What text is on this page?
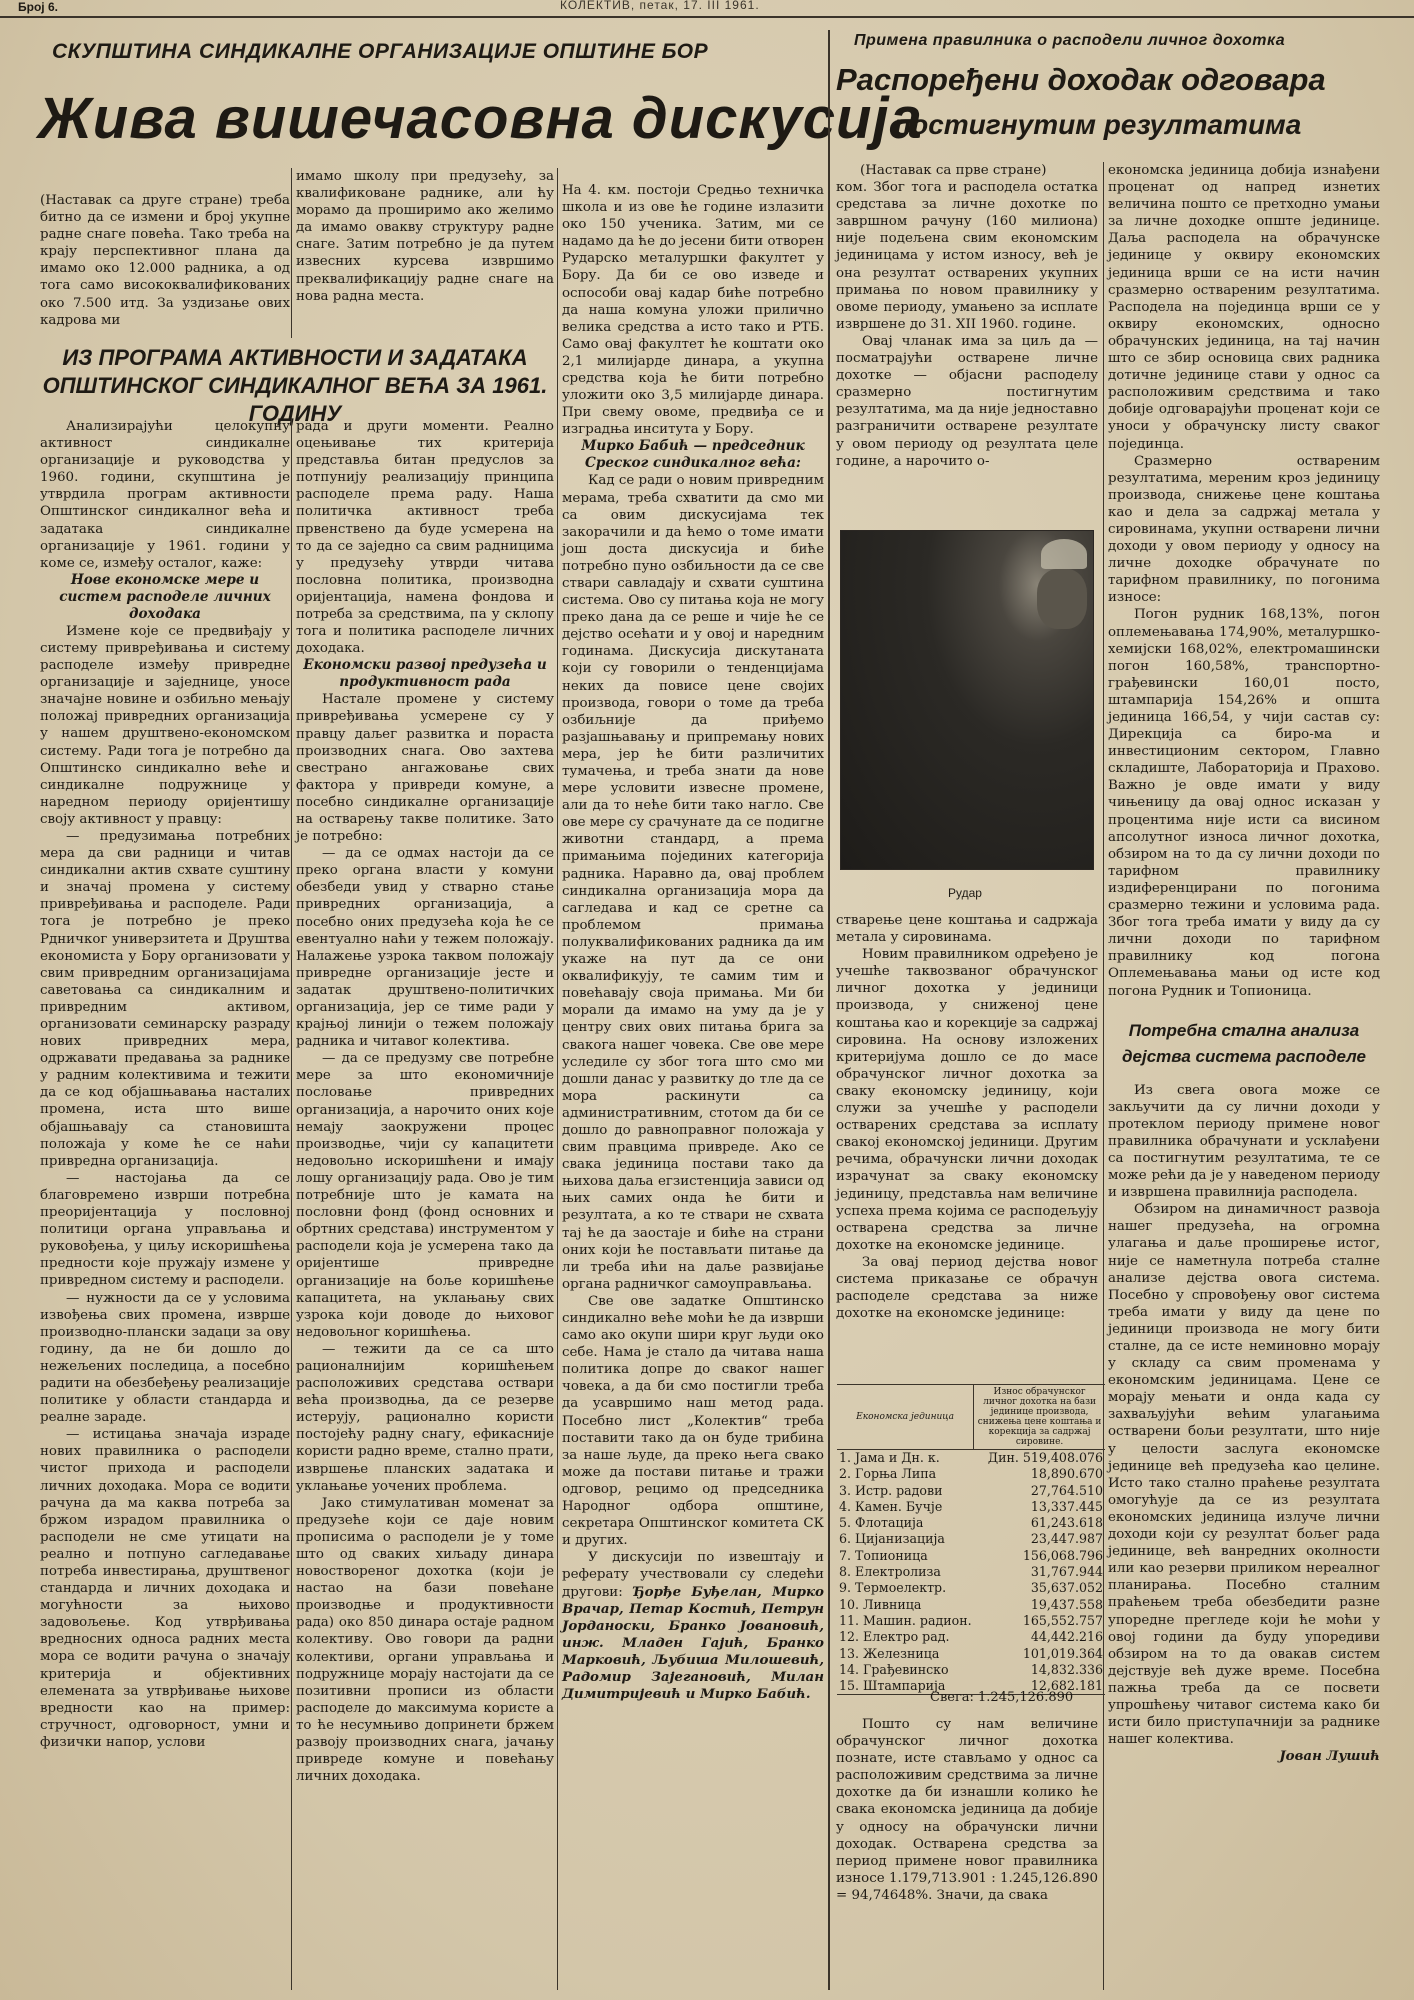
Број 6.	КОЛЕКТИВ, петак, 17. III 1961.
СКУПШТИНА СИНДИКАЛНЕ ОРГАНИЗАЦИЈЕ ОПШТИНЕ БОР
Жива вишечасовна дискусија

(Наставак са друге стране) треба битно да се измени и број укупне радне снаге повећа. Тако треба на крају перспективног плана да имамо око 12.000 радника, а од тога само висококвалификованих око 7.500 итд. За уздизање ових кадрова ми

имамо школу при предузећу, за квалификоване раднике, али ћу морамо да проширимо ако желимо да имамо овакву структуру радне снаге. Затим потребно је да путем извесних курсева извршимо преквалификацију радне снаге на нова радна места.

ИЗ ПРОГРАМА АКТИВНОСТИ И ЗАДАТАКА ОПШТИНСКОГ СИНДИКАЛНОГ ВЕЋА ЗА 1961. ГОДИНУ

Анализирајући целокупну активност синдикалне организације и руководства у 1960. години, скупштина је утврдила програм активности Општинског синдикалног већа и задатака синдикалне организације у 1961. години у коме се, између осталог, каже:

Нове економске мере и систем расподеле личних доходака

Измене које се предвиђају у систему привређивања и систему расподеле између привредне организације и заједнице, уносе значајне новине и озбиљно мењају положај привредних организација у нашем друштвено-економском систему. Ради тога је потребно да Општинско синдикално веће и синдикалне подружнице у наредном периоду оријентишу своју активност у правцу:

— предузимања потребних мера да сви радници и читав синдикални актив схвате суштину и значај промена у систему привређивања и расподеле. Ради тога је потребно је преко Рдничког универзитета и Друштва економиста у Бору организовати у свим привредним организацијама саветовања са синдикалним и привредним активом, организовати семинарску разраду нових привредних мера, одржавати предавања за раднике у радним колективима и тежити да се код објашњавања насталих промена, иста што више објашњавају са становишта положаја у коме ће се наћи привредна организација.

— настојања да се благовремено изврши потребна преоријентација у пословној политици органа управљања и руковођења, у циљу искоришћења предности које пружају измене у привредном систему и расподели.

— нужности да се у условима извођења свих промена, изврше производно-плански задаци за ову годину, да не би дошло до нежељених последица, а посебно радити на обезбеђењу реализације политике у области стандарда и реалне зараде.

— истицања значаја израде нових правилника о расподели чистог прихода и расподели личних доходака. Мора се водити рачуна да ма каква потреба за бржом израдом правилника о расподели не сме утицати на реално и потпуно сагледавање потреба инвестирања, друштвеног стандарда и личних доходака и могућности за њихово задовољење. Код утврђивања вредносних односа радних места мора се водити рачуна о значају критерија и објективних елемената за утврђивање њихове вредности као на пример: стручност, одговорност, умни и физички напор, услови

рада и други моменти. Реално оцењивање тих критерија представља битан предуслов за потпунију реализацију принципа расподеле према раду. Наша политичка активност треба првенствено да буде усмерена на то да се заједно са свим радницима у предузећу утврди читава пословна политика, производна оријентација, намена фондова и потреба за средствима, па у склопу тога и политика расподеле личних доходака.

Економски развој предузећа и продуктивност рада

Настале промене у систему привређивања усмерене су у правцу даљег развитка и пораста производних снага. Ово захтева свестрано ангажовање свих фактора у привреди комуне, а посебно синдикалне организације на остварењу такве политике. Зато је потребно:

— да се одмах настоји да се преко органа власти у комуни обезбеди увид у стварно стање привредних организација, а посебно оних предузећа која ће се евентуално наћи у тежем положају. Налажење узрока таквом положају привредне организације јесте и задатак друштвено-политичких организација, јер се тиме ради у крајњој линији о тежем положају радника и читавог колектива.

— да се предузму све потребне мере за што економичније пословање привредних организација, а нарочито оних које немају заокружени процес производње, чији су капацитети недовољно искоришћени и имају лошу организацију рада. Ово је тим потребније што је камата на пословни фонд (фонд основних и обртних средстава) инструментом у расподели која је усмерена тако да оријентише привредне организације на боље коришћење капацитета, на уклањању свих узрока који доводе до њиховог недовољног коришћења.

— тежити да се са што рационалнијим коришћењем расположивих средстава оствари већа производња, да се резерве истерују, рационално користи постојећу радну снагу, ефикасније користи радно време, стално прати, извршење планских задатака и уклањање уочених проблема.

Јако стимулативан моменат за предузеће који се даје новим прописима о расподели је у томе што од сваких хиљаду динара новоствореног дохотка (који је настао на бази повећане производње и продуктивности рада) око 850 динара остаје радном колективу. Ово говори да радни колективи, органи управљања и подружнице морају настојати да се позитивни прописи из области расподеле до максимума користе а то ће несумњиво допринети бржем развоју производних снага, јачању привреде комуне и повећању личних доходака.

На 4. км. постоји Средњо техничка школа и из ове ће године излазити око 150 ученика. Затим, ми се надамо да ће до јесени бити отворен Рударско металуршки факултет у Бору. Да би се ово изведе и оспособи овај кадар биће потребно да наша комуна уложи прилично велика средства а исто тако и РТБ. Само овај факултет ће коштати око 2,1 милијарде динара, а укупна средства која ће бити потребно уложити око 3,5 милијарде динара. При свему овоме, предвиђа се и изградња инситута у Бору.

Мирко Бабић — председник Среског синдикалног већа:

Кад се ради о новим привредним мерама, треба схватити да смо ми са овим дискусијама тек закорачили и да ћемо о томе имати још доста дискусија и биће потребно пуно озбиљности да се све ствари савладају и схвати суштина система. Ово су питања која не могу преко дана да се реше и чије ће се дејство осећати и у овој и наредним годинама. Дискусија дискутаната који су говорили о тенденцијама неких да повисе цене својих производа, говори о томе да треба озбиљније да приђемо разјашњавању и припремању нових мера, јер ће бити различитих тумачења, и треба знати да нове мере условити извесне промене, али да то неће бити тако нагло. Све ове мере су срачунате да се подигне животни стандард, а према примањима појединих категорија радника. Наравно да, овај проблем синдикална организација мора да сагледава и кад се сретне са проблемом примања полуквалификованих радника да им укаже на пут да се они оквалификују, те самим тим и повећавају своја примања. Ми би морали да имамо на уму да је у центру свих ових питања брига за свакога нашег човека. Све ове мере уследиле су због тога што смо ми дошли данас у развитку до тле да се мора раскинути са административним, стотом да би се дошло до равноправног положаја у свим правцима привреде. Ако се свака јединица постави тако да њихова даља егзистенција зависи од њих самих онда ће бити и резултата, а ко те ствари не схвата тај ће да заостаје и биће на страни оних који ће постављати питање да ли треба ићи на даље развијање органа радничког самоуправљања.

Све ове задатке Општинско синдикално веће моћи ће да изврши само ако окупи шири круг људи око себе. Нама је стало да читава наша политика допре до сваког нашег човека, а да би смо постигли треба да усавршимо наш метод рада. Посебно лист „Колектив“ треба поставити тако да он буде трибина за наше људе, да преко њега свако може да постави питање и тражи одговор, рецимо од председника Народног одбора општине, секретара Општинског комитета СК и других.

У дискусији по извештају и реферату учествовали су следећи другови: Ђорђе Буђелан, Мирко Врачар, Петар Костић, Петрун Јорданоски, Бранко Јовановић, инж. Младен Гајић, Бранко Марковић, Љубиша Милошевић, Радомир Зајегановић, Милан Димитријевић и Мирко Бабић.

Примена правилника о расподели личног дохотка
Распоређени доходак одговара
постигнутим резултатима

(Наставак са прве стране)

ком. Због тога и расподела остатка средстава за личне дохотке по завршном рачуну (160 милиона) није подељена свим економским јединицама у истом износу, већ је она резултат остварених укупних примања по новом правилнику у овоме периоду, умањено за исплате извршене до 31. XII 1960. године.

Овај чланак има за циљ да — посматрајући остварене личне дохотке — објасни расподелу сразмерно постигнутим резултатима, ма да није једноставно разграничити остварене резултате у овом периоду од резултата целе године, а нарочито о-

Рудар

стварење цене коштања и садржаја метала у сировинама.

Новим правилником одређено је учешће таквозваног обрачунског личног дохотка у јединици производа, у сниженој цене коштања као и корекције за садржај сировина. На основу изложених критеријума дошло се до масе обрачунског личног дохотка за сваку економску јединицу, који служи за учешће у расподели остварених средстава за исплату свакој економској јединици. Другим речима, обрачунски лични доходак израчунат за сваку економску јединицу, представља нам величине успеха према којима се расподељују остварена средства за личне дохотке на економске јединице.

За овај период дејства новог система приказање се обрачун расподеле средстава за ниже дохотке на економске јединице:

Економска јединица	Износ обрачунског личног дохотка на бази јединице производа, снижења цене коштања и корекција за садржај сировине.
1. Јама и Дн. к.	Дин. 519,408.076
2. Горња Липа	18,890.670
3. Истр. радови	27,764.510
4. Камен. Бучје	13,337.445
5. Флотација	61,243.618
6. Цијанизација	23,447.987
7. Топионица	156,068.796
8. Електролиза	31,767.944
9. Термоелектр.	35,637.052
10. Ливница	19,437.558
11. Машин. радион.	165,552.757
12. Електро рад.	44,442.216
13. Железница	101,019.364
14. Грађевинско	14,832.336
15. Штампарија	12,682.181
Свега: 1.245,126.890

Пошто су нам величине обрачунског личног дохотка познате, исте стављамо у однос са расположивим средствима за личне дохотке да би изнашли колико ће свака економска јединица да добије у односу на обрачунски лични доходак. Остварена средства за период примене новог правилника износе 1.179,713.901 : 1.245,126.890 = 94,74648%. Значи, да свака

економска јединица добија изнађени проценат од напред изнетих величина пошто се претходно умањи за личне доходке опште јединице. Даља расподела на обрачунске јединице у оквиру економских јединица врши се на исти начин сразмерно оствареним резултатима. Расподела на појединца врши се у оквиру економских, односно обрачунских јединица, на тај начин што се збир основица свих радника дотичне јединице стави у однос са расположивим средствима и тако добије одговарајући проценат који се уноси у обрачунску листу сваког појединца.

Сразмерно оствареним резултатима, мереним кроз јединицу производа, снижење цене коштања као и дела за садржај метала у сировинама, укупни остварени лични доходи у овом периоду у односу на личне доходке обрачунате по тарифном правилнику, по погонима износе:

Погон рудник 168,13%, погон оплемењавања 174,90%, металуршко-хемијски 168,02%, електромашински погон 160,58%, транспортно-грађевински 160,01 посто, штампарија 154,26% и општа јединица 166,54, у чији састав су: Дирекција са биро-ма и инвестиционим сектором, Главно складиште, Лабораторија и Прахово. Важно је овде имати у виду чињеницу да овај однос исказан у процентима није исти са висином апсолутног износа личног дохотка, обзиром на то да су лични доходи по тарифном правилнику издиференцирани по погонима сразмерно тежини и условима рада. Због тога треба имати у виду да су лични доходи по тарифном правилнику код погона Оплемењавања мањи од исте код погона Рудник и Топионица.

Потребна стална анализа дејства система расподеле

Из свега овога може се закључити да су лични доходи у протеклом периоду примене новог правилника обрачунати и усклађени са постигнутим резултатима, те се може рећи да је у наведеном периоду и извршена правилнија расподела.

Обзиром на динамичност развоја нашег предузећа, на огромна улагања и даље проширење истог, није се наметнула потреба сталне анализе дејства овога система. Посебно у спровођењу овог система треба имати у виду да цене по јединици производа не могу бити сталне, да се исте неминовно морају у складу са свим променама у економским јединицама. Цене се морају мењати и онда када су захваљујући већим улагањима остварени бољи резултати, што није у целости заслуга економске јединице већ предузећа као целине. Исто тако стално праћење резултата омогућује да се из резултата економских јединица излуче лични доходи који су резултат бољег рада јединице, већ ванредних околности или као резерви приликом нереалног планирања. Посебно сталним праћењем треба обезбедити разне упоредне прегледе који ће моћи у овој години да буду упоредиви обзиром на то да овакав систем дејствује већ дуже време. Посебна пажња треба да се посвети упрошћењу читавог система како би исти било приступачнији за раднике нашег колектива.

Јован Лушић
